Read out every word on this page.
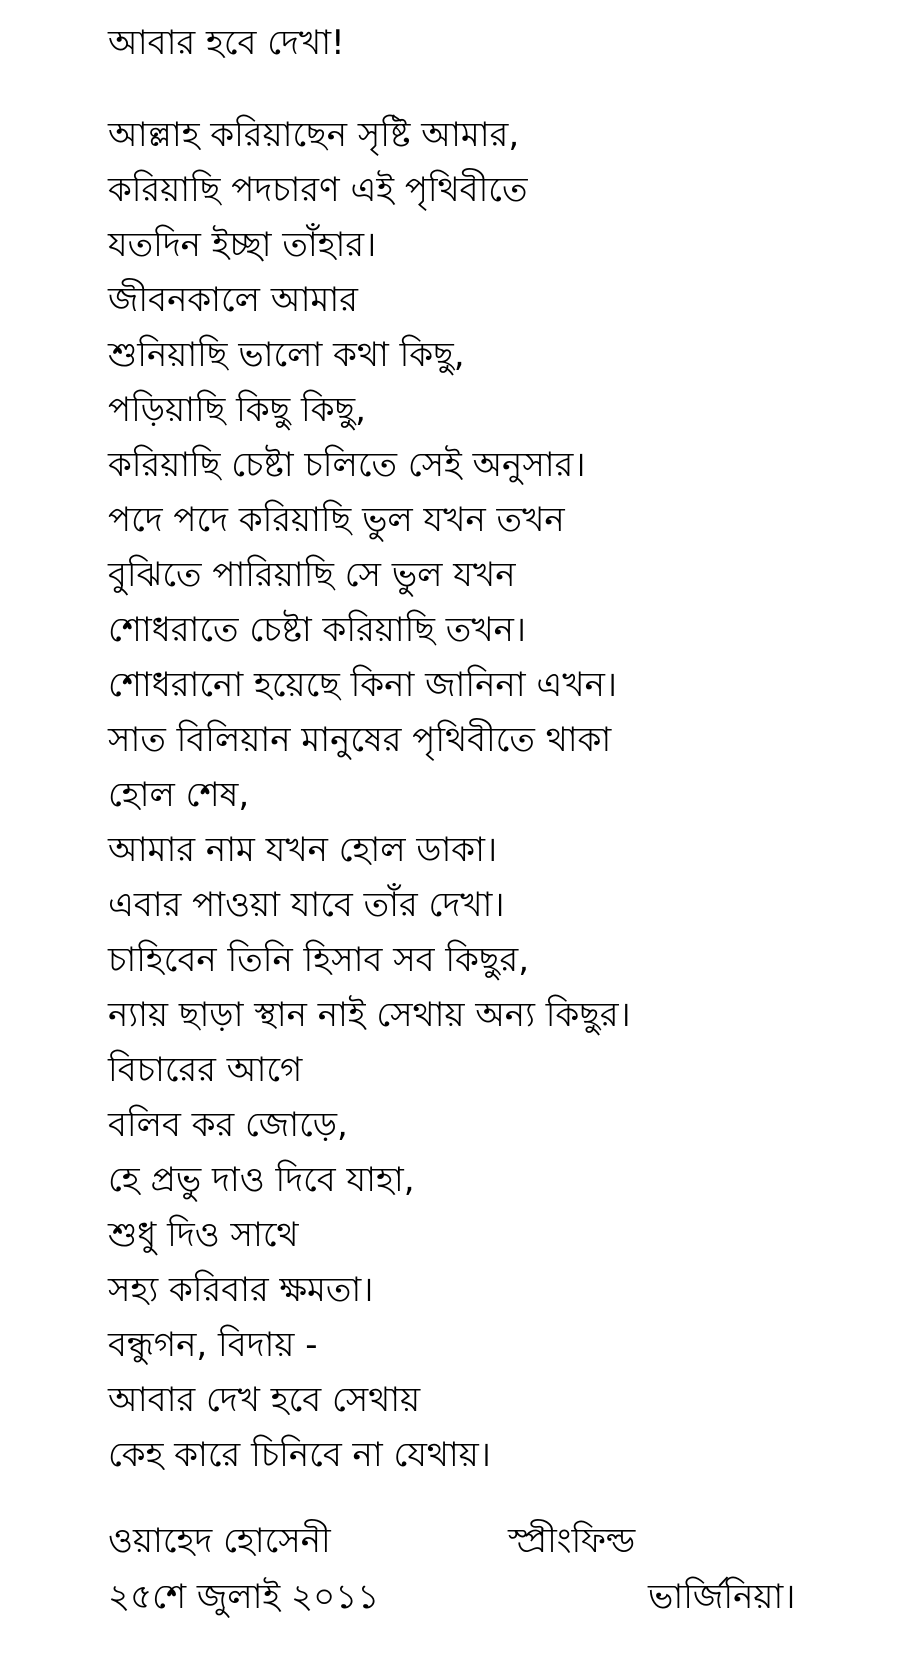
আবার হবে দেখা!
আল্লাহ করিয়াছেন সৃষ্টি আমার,
করিয়াছি পদচারণ এই পৃথিবীতে
যতদিন ইচ্ছা তাঁহার।
জীবনকালে আমার
শুনিয়াছি ভালো কথা কিছু,
পড়িয়াছি কিছু কিছু,
করিয়াছি চেষ্টা চলিতে সেই অনুসার।
পদে পদে করিয়াছি ভুল যখন তখন
বুঝিতে পারিয়াছি সে ভুল যখন
শোধরাতে চেষ্টা করিয়াছি তখন।
শোধরানো হয়েছে কিনা জানিনা এখন।
সাত বিলিয়ান মানুষের পৃথিবীতে থাকা
হোল শেষ,
আমার নাম যখন হোল ডাকা।
এবার পাওয়া যাবে তাঁর দেখা।
চাহিবেন তিনি হিসাব সব কিছুর,
ন্যায় ছাড়া স্থান নাই সেথায় অন্য কিছুর।
বিচারের আগে
বলিব কর জোড়ে,
হে প্রভু দাও দিবে যাহা,
শুধু দিও সাথে
সহ্য করিবার ক্ষমতা।
বন্ধুগন, বিদায় -
আবার দেখ হবে সেথায়
কেহ কারে চিনিবে না যেথায়।
ওয়াহেদ হোসেনী	স্প্রীংফিল্ড
২৫শে জুলাই ২০১১	ভার্জিনিয়া।
